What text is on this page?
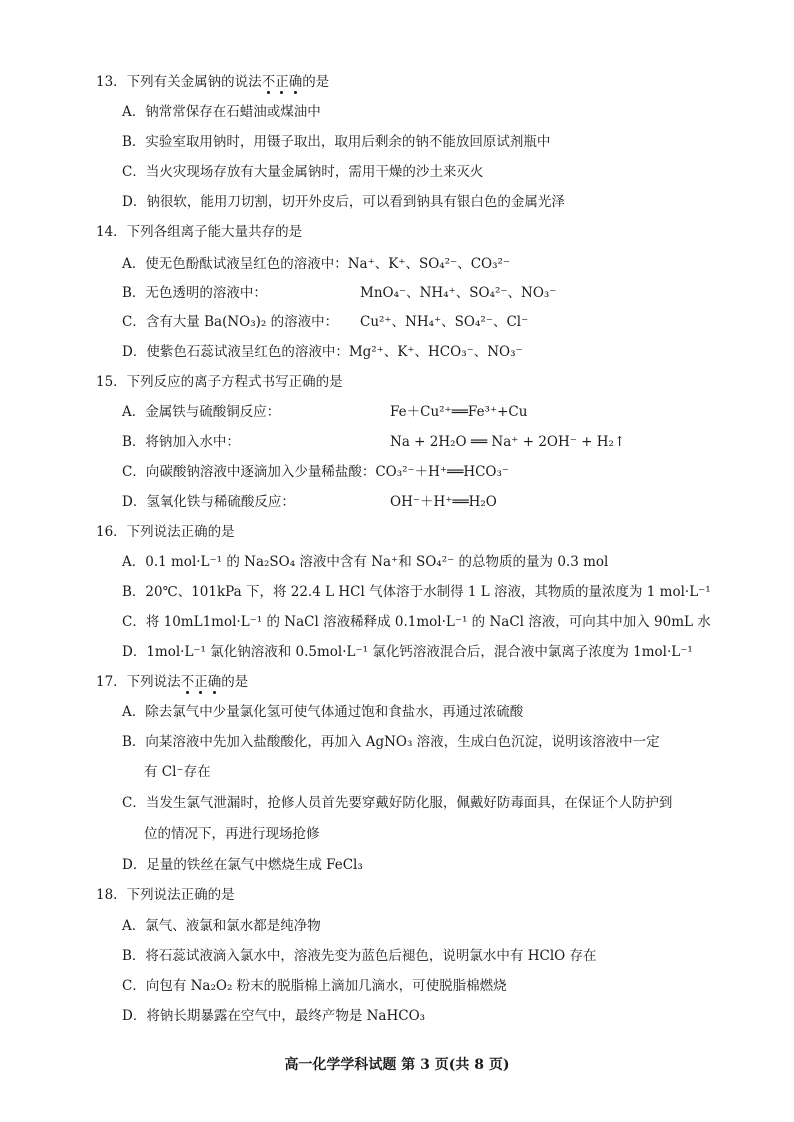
13．下列有关金属钠的说法不正确的是
A．钠常常保存在石蜡油或煤油中
B．实验室取用钠时，用镊子取出，取用后剩余的钠不能放回原试剂瓶中
C．当火灾现场存放有大量金属钠时，需用干燥的沙土来灭火
D．钠很软，能用刀切割，切开外皮后，可以看到钠具有银白色的金属光泽
14．下列各组离子能大量共存的是
A．使无色酚酞试液呈红色的溶液中：Na⁺、K⁺、SO₄²⁻、CO₃²⁻
B．无色透明的溶液中：	MnO₄⁻、NH₄⁺、SO₄²⁻、NO₃⁻
C．含有大量 Ba(NO₃)₂ 的溶液中： Cu²⁺、NH₄⁺、SO₄²⁻、Cl⁻
D．使紫色石蕊试液呈红色的溶液中：Mg²⁺、K⁺、HCO₃⁻、NO₃⁻
15．下列反应的离子方程式书写正确的是
A．金属铁与硫酸铜反应：	Fe＋Cu²⁺══Fe³⁺+Cu
B．将钠加入水中：	Na + 2H₂O ══ Na⁺ + 2OH⁻ + H₂↑
C．向碳酸钠溶液中逐滴加入少量稀盐酸：CO₃²⁻＋H⁺══HCO₃⁻
D．氢氧化铁与稀硫酸反应：	OH⁻＋H⁺══H₂O
16．下列说法正确的是
A．0.1 mol·L⁻¹ 的 Na₂SO₄ 溶液中含有 Na⁺和 SO₄²⁻ 的总物质的量为 0.3 mol
B．20℃、101kPa 下，将 22.4 L HCl 气体溶于水制得 1 L 溶液，其物质的量浓度为 1 mol·L⁻¹
C．将 10mL1mol·L⁻¹ 的 NaCl 溶液稀释成 0.1mol·L⁻¹ 的 NaCl 溶液，可向其中加入 90mL 水
D．1mol·L⁻¹ 氯化钠溶液和 0.5mol·L⁻¹ 氯化钙溶液混合后，混合液中氯离子浓度为 1mol·L⁻¹
17．下列说法不正确的是
A．除去氯气中少量氯化氢可使气体通过饱和食盐水，再通过浓硫酸
B．向某溶液中先加入盐酸酸化，再加入 AgNO₃ 溶液，生成白色沉淀，说明该溶液中一定
有 Cl⁻存在
C．当发生氯气泄漏时，抢修人员首先要穿戴好防化服，佩戴好防毒面具，在保证个人防护到
位的情况下，再进行现场抢修
D．足量的铁丝在氯气中燃烧生成 FeCl₃
18．下列说法正确的是
A．氯气、液氯和氯水都是纯净物
B．将石蕊试液滴入氯水中，溶液先变为蓝色后褪色，说明氯水中有 HClO 存在
C．向包有 Na₂O₂ 粉末的脱脂棉上滴加几滴水，可使脱脂棉燃烧
D．将钠长期暴露在空气中，最终产物是 NaHCO₃
高一化学学科试题 第 3 页(共 8 页)
